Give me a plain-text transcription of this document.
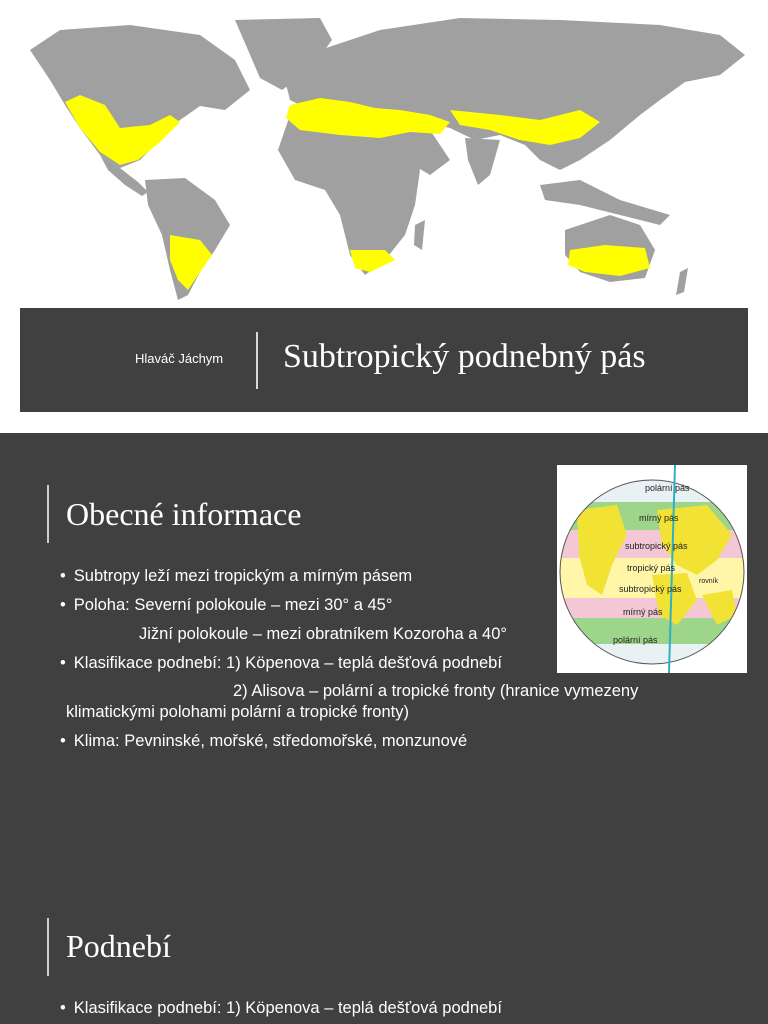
Hlaváč Jáchym Subtropický podnebný pás
Obecné informace
• Subtropy leží mezi tropickým a mírným pásem
• Poloha: Severní polokoule – mezi 30° a 45°
Jižní polokoule – mezi obratníkem Kozoroha a 40°
• Klasifikace podnebí: 1) Köpenova – teplá dešťová podnebí
2) Alisova – polární a tropické fronty (hranice vymezeny
klimatickými polohami polární a tropické fronty)
• Klima: Pevninské, mořské, středomořské, monzunové
polární pás
mírný pás
subtropický pás
tropický pás
rovník
subtropický pás
mírný pás
polární pás
Podnebí
• Klasifikace podnebí: 1) Köpenova – teplá dešťová podnebí
